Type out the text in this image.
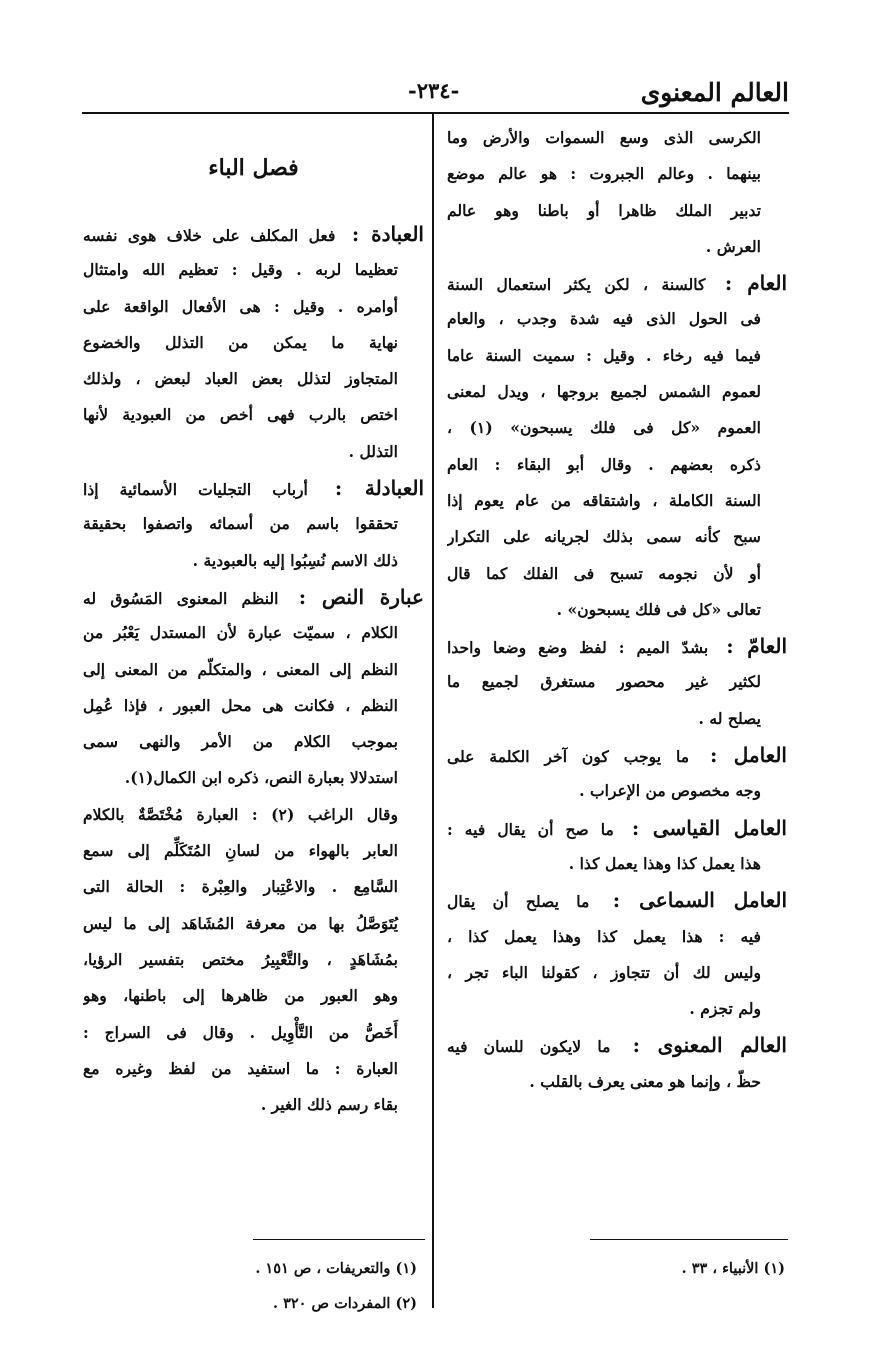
العالم المعنوى
-٢٣٤-
الكرسى الذى وسع السموات والأرض وما
بينهما . وعالم الجبروت : هو عالم موضع
تدبير الملك ظاهرا أو باطنا وهو عالم
العرش .
العام : كالسنة ، لكن يكثر استعمال السنة
فى الحول الذى فيه شدة وجدب ، والعام
فيما فيه رخاء . وقيل : سميت السنة عاما
لعموم الشمس لجميع بروجها ، ويدل لمعنى
العموم «كل فى فلك يسبحون» (١) ،
ذكره بعضهم . وقال أبو البقاء : العام
السنة الكاملة ، واشتقاقه من عام يعوم إذا
سبح كأنه سمى بذلك لجريانه على التكرار
أو لأن نجومه تسبح فى الفلك كما قال
تعالى «كل فى فلك يسبحون» .
العامّ : بشدّ الميم : لفظ وضع وضعا واحدا
لكثير غير محصور مستغرق لجميع ما
يصلح له .
العامل : ما يوجب كون آخر الكلمة على
وجه مخصوص من الإعراب .
العامل القياسى : ما صح أن يقال فيه :
هذا يعمل كذا وهذا يعمل كذا .
العامل السماعى : ما يصلح أن يقال
فيه : هذا يعمل كذا وهذا يعمل كذا ،
وليس لك أن تتجاوز ، كقولنا الباء تجر ،
ولم تجزم .
العالم المعنوى : ما لايكون للسان فيه
حظّ ، وإنما هو معنى يعرف بالقلب .
فصل الباء
العبادة : فعل المكلف على خلاف هوى نفسه
تعظيما لربه . وقيل : تعظيم الله وامتثال
أوامره . وقيل : هى الأفعال الواقعة على
نهاية ما يمكن من التذلل والخضوع
المتجاوز لتذلل بعض العباد لبعض ، ولذلك
اختص بالرب فهى أخص من العبودية لأنها
التذلل .
العبادلة : أرباب التجليات الأسمائية إذا
تحققوا باسم من أسمائه واتصفوا بحقيقة
ذلك الاسم نُسِبُوا إليه بالعبودية .
عبارة النص : النظم المعنوى المَسُوق له
الكلام ، سميّت عبارة لأن المستدل يَعْبُر من
النظم إلى المعنى ، والمتكلّم من المعنى إلى
النظم ، فكانت هى محل العبور ، فإذا عُمِل
بموجب الكلام من الأمر والنهى سمى
استدلالا بعبارة النص، ذكره ابن الكمال(١).
وقال الراغب (٢) : العبارة مُخْتَصَّةٌ بالكلام
العابر بالهواء من لسانِ المُتَكَلِّم إلى سمع
السَّامِع . والاعْتِبار والعِبْرة : الحالة التى
يُتَوَصَّلُ بها من معرفة المُشَاهَد إلى ما ليس
بمُشَاهَدٍ ، والتَّعْبِيرُ مختص بتفسير الرؤيا،
وهو العبور من ظاهرها إلى باطنها، وهو
أَخَصُّ من التَّأْوِيل . وقال فى السراج :
العبارة : ما استفيد من لفظ وغيره مع
بقاء رسم ذلك الغير .
(١) الأنبياء ، ٣٣ .
(١) والتعريفات ، ص ١٥١ .
(٢) المفردات ص ٣٢٠ .
